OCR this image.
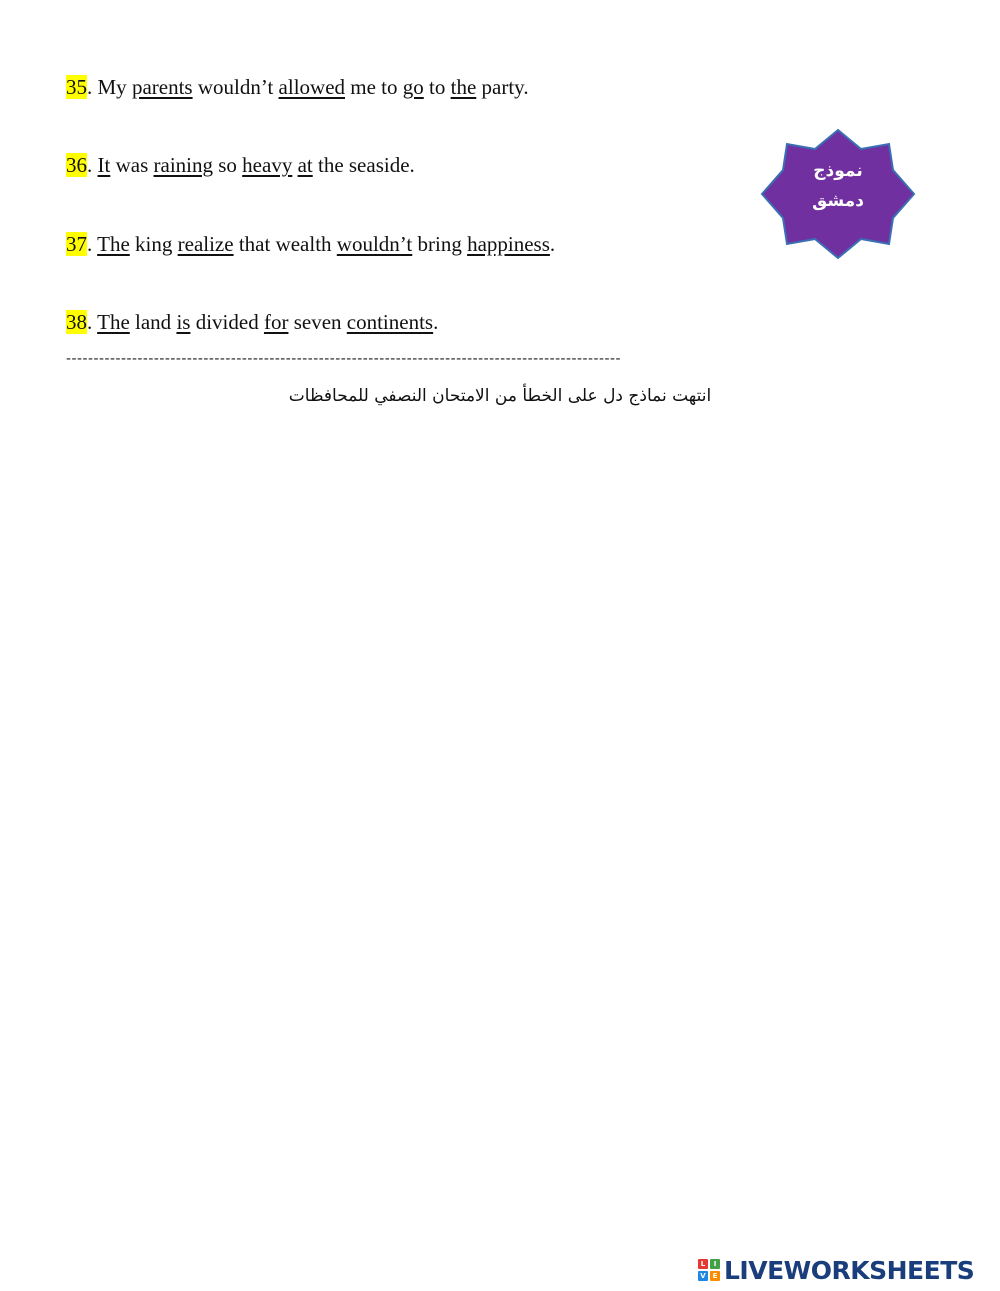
35. My parents wouldn’t allowed me to go to the party.
36. It was raining so heavy at the seaside.
37. The king realize that wealth wouldn’t bring happiness.
38. The land is divided for seven continents.
-----------------------------------------------------------------------------------------------------
انتهت نماذج دل على الخطأ من الامتحان النصفي للمحافظات
نموذج
دمشق
L	I
V E LIVEWORKSHEETS
